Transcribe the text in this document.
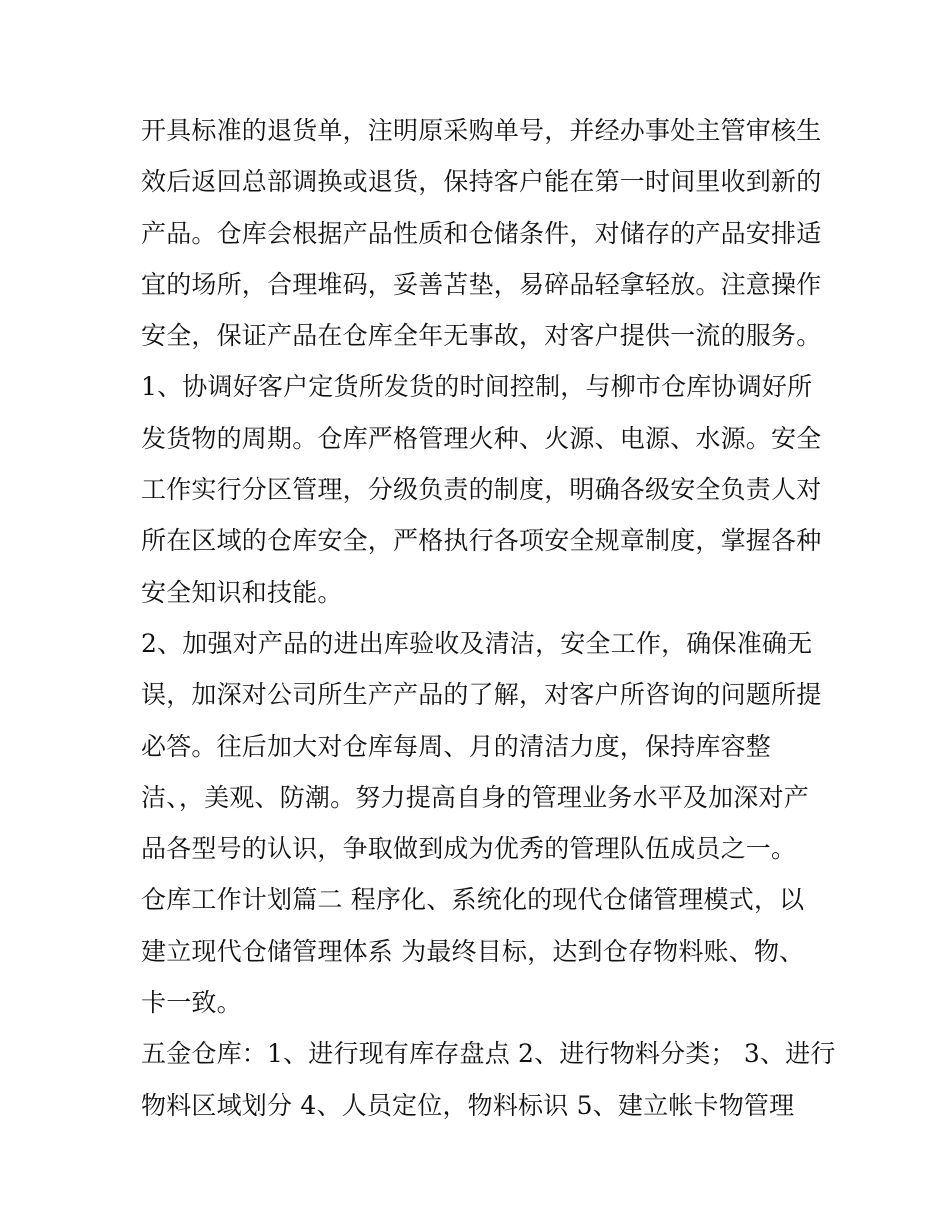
开具标准的退货单，注明原采购单号，并经办事处主管审核生
效后返回总部调换或退货，保持客户能在第一时间里收到新的
产品。仓库会根据产品性质和仓储条件，对储存的产品安排适
宜的场所，合理堆码，妥善苫垫，易碎品轻拿轻放。注意操作
安全，保证产品在仓库全年无事故，对客户提供一流的服务。
1、协调好客户定货所发货的时间控制，与柳市仓库协调好所
发货物的周期。仓库严格管理火种、火源、电源、水源。安全
工作实行分区管理，分级负责的制度，明确各级安全负责人对
所在区域的仓库安全，严格执行各项安全规章制度，掌握各种
安全知识和技能。
2、加强对产品的进出库验收及清洁，安全工作，确保准确无
误，加深对公司所生产产品的了解，对客户所咨询的问题所提
必答。往后加大对仓库每周、月的清洁力度，保持库容整
洁、，美观、防潮。努力提高自身的管理业务水平及加深对产
品各型号的认识，争取做到成为优秀的管理队伍成员之一。
仓库工作计划篇二 程序化、系统化的现代仓储管理模式，以
建立现代仓储管理体系 为最终目标，达到仓存物料账、物、
卡一致。
五金仓库：1、进行现有库存盘点 2、进行物料分类； 3、进行
物料区域划分 4、人员定位，物料标识 5、建立帐卡物管理
